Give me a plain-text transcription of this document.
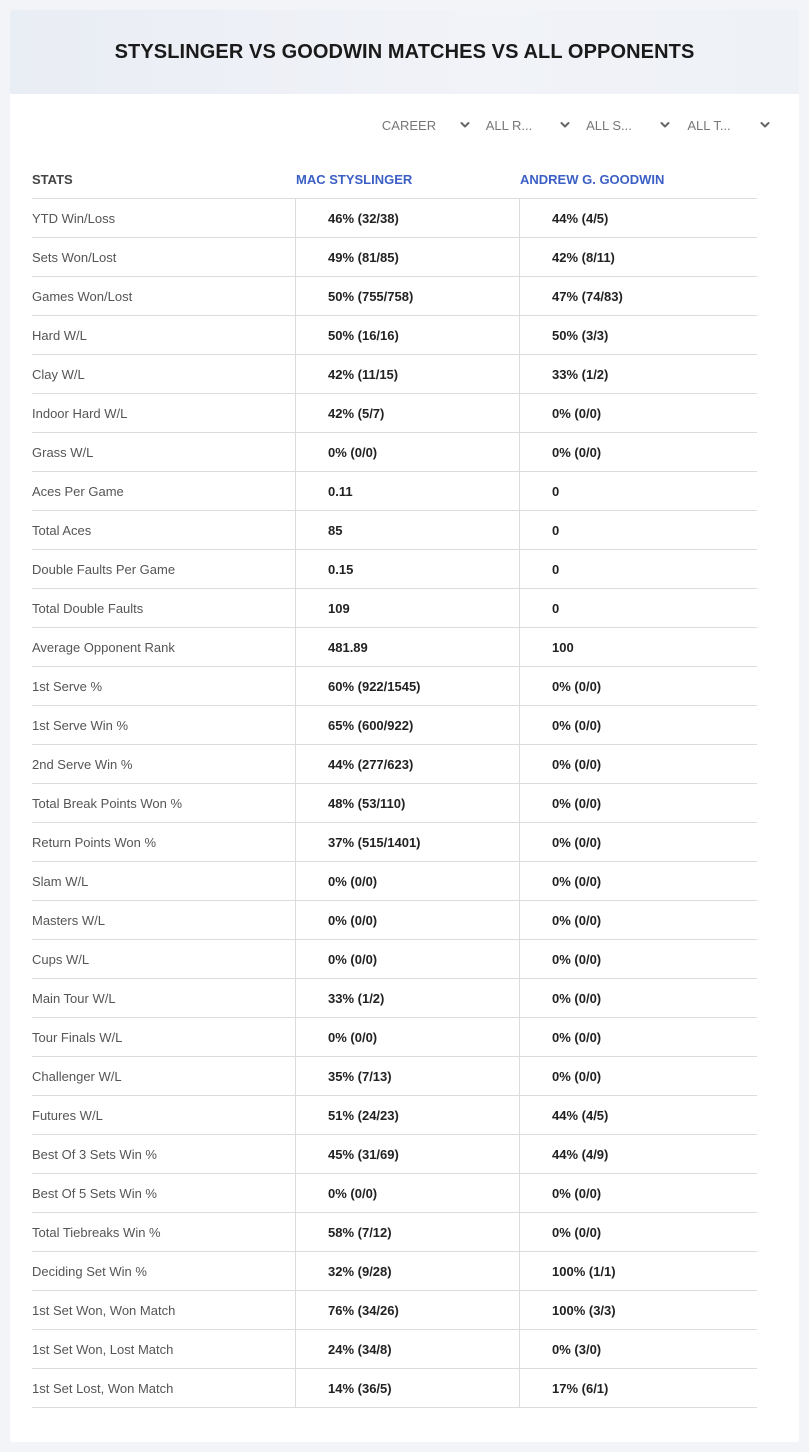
STYSLINGER VS GOODWIN MATCHES VS ALL OPPONENTS
CAREER	ALL R...	ALL S...	ALL T...
STATS	MAC STYSLINGER	ANDREW G. GOODWIN
YTD Win/Loss	46% (32/38)	44% (4/5)
Sets Won/Lost	49% (81/85)	42% (8/11)
Games Won/Lost	50% (755/758)	47% (74/83)
Hard W/L	50% (16/16)	50% (3/3)
Clay W/L	42% (11/15)	33% (1/2)
Indoor Hard W/L	42% (5/7)	0% (0/0)
Grass W/L	0% (0/0)	0% (0/0)
Aces Per Game	0.11	0
Total Aces	85	0
Double Faults Per Game	0.15	0
Total Double Faults	109	0
Average Opponent Rank	481.89	100
1st Serve %	60% (922/1545)	0% (0/0)
1st Serve Win %	65% (600/922)	0% (0/0)
2nd Serve Win %	44% (277/623)	0% (0/0)
Total Break Points Won %	48% (53/110)	0% (0/0)
Return Points Won %	37% (515/1401)	0% (0/0)
Slam W/L	0% (0/0)	0% (0/0)
Masters W/L	0% (0/0)	0% (0/0)
Cups W/L	0% (0/0)	0% (0/0)
Main Tour W/L	33% (1/2)	0% (0/0)
Tour Finals W/L	0% (0/0)	0% (0/0)
Challenger W/L	35% (7/13)	0% (0/0)
Futures W/L	51% (24/23)	44% (4/5)
Best Of 3 Sets Win %	45% (31/69)	44% (4/9)
Best Of 5 Sets Win %	0% (0/0)	0% (0/0)
Total Tiebreaks Win %	58% (7/12)	0% (0/0)
Deciding Set Win %	32% (9/28)	100% (1/1)
1st Set Won, Won Match	76% (34/26)	100% (3/3)
1st Set Won, Lost Match	24% (34/8)	0% (3/0)
1st Set Lost, Won Match	14% (36/5)	17% (6/1)
